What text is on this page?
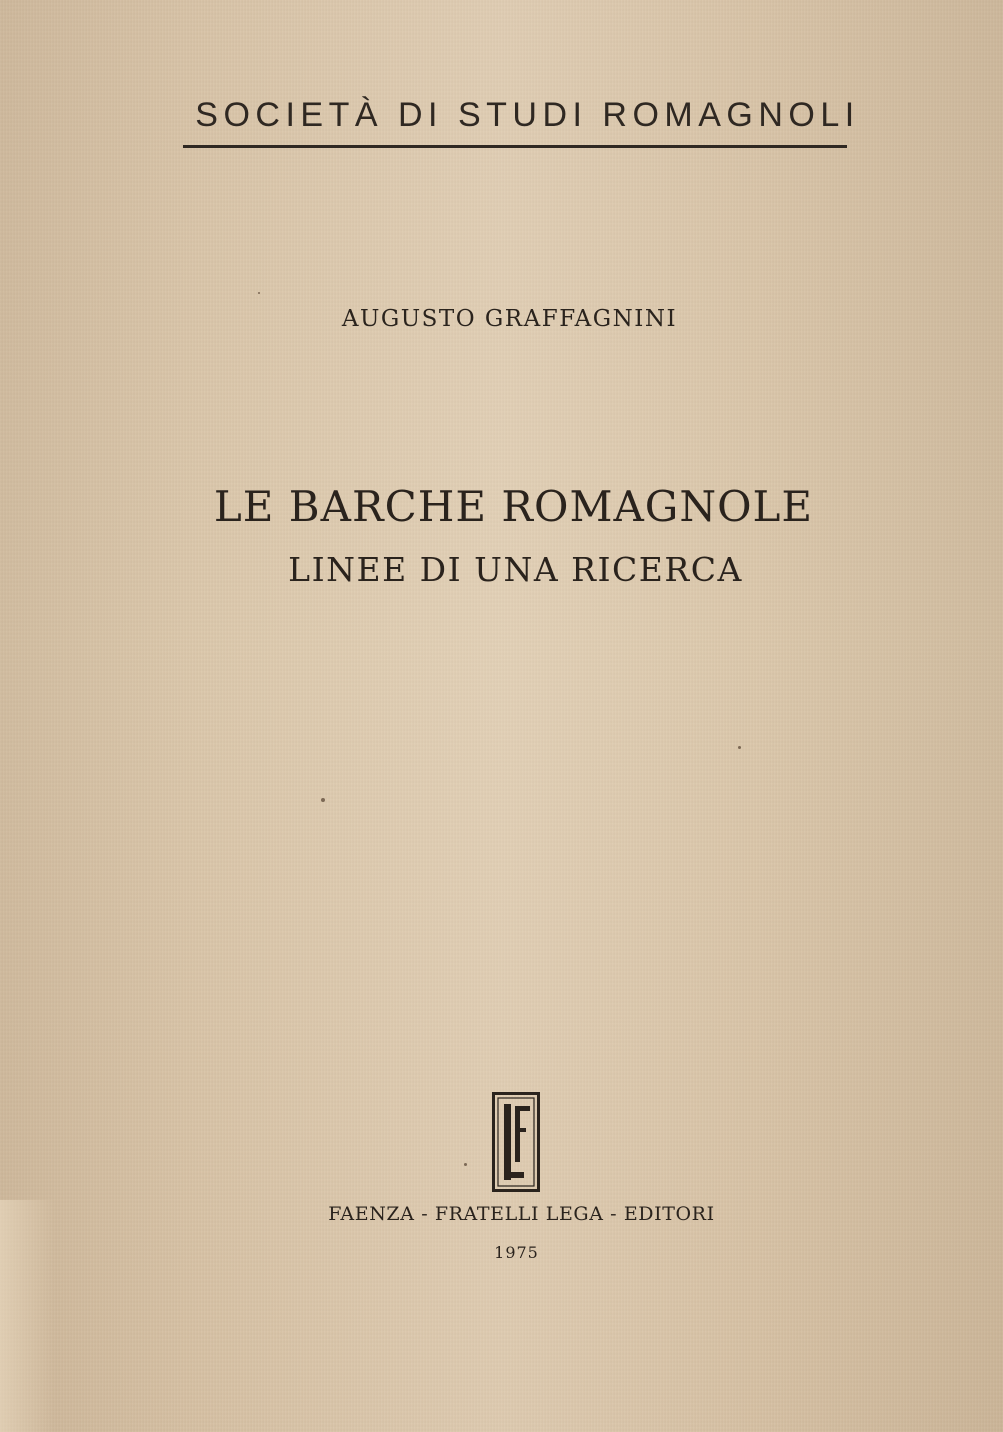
SOCIETÀ DI STUDI ROMAGNOLI
AUGUSTO GRAFFAGNINI
LE BARCHE ROMAGNOLE
LINEE DI UNA RICERCA
FAENZA - FRATELLI LEGA - EDITORI
1975
